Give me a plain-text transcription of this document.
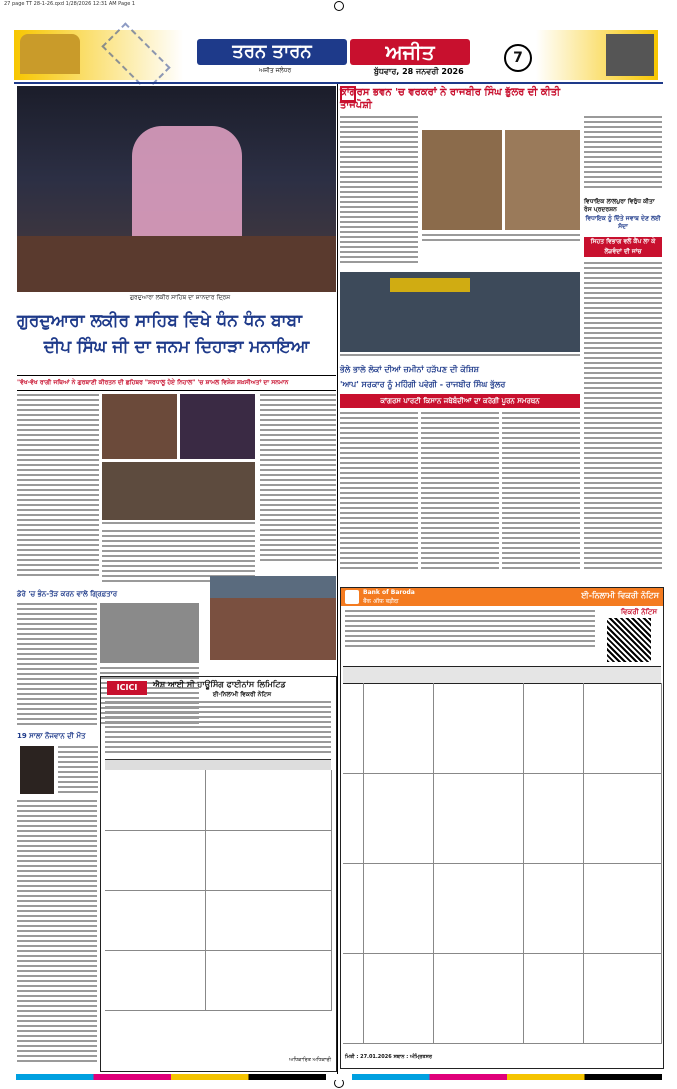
27 page TT 28-1-26.qxd 1/28/2026 12:31 AM Page 1
ਤਰਨ ਤਾਰਨ	ਅਜੀਤ
ਅਜੀਤ ਜਲੰਧਰ	ਬੁੱਧਵਾਰ, 28 ਜਨਵਰੀ 2026
7
ਗੁਰਦੁਆਰਾ ਲਕੀਰ ਸਾਹਿਬ ਦਾ ਸ਼ਾਨਦਾਰ ਦ੍ਰਿਸ਼
ਗੁਰਦੁਆਰਾ ਲਕੀਰ ਸਾਹਿਬ ਵਿਖੇ ਧੰਨ ਧੰਨ ਬਾਬਾ
ਦੀਪ ਸਿੰਘ ਜੀ ਦਾ ਜਨਮ ਦਿਹਾੜਾ ਮਨਾਇਆ
"ਵੱਖ-ਵੱਖ ਰਾਗੀ ਜਥਿਆਂ ਨੇ ਗੁਰਬਾਣੀ ਕੀਰਤਨ ਦੀ ਛਹਿਬਰ "ਸ਼ਰਧਾਲੂ ਹੋਏ ਨਿਹਾਲ" 'ਚ ਸ਼ਾਮਲ ਵਿਸ਼ੇਸ਼ ਸ਼ਖ਼ਸੀਅਤਾਂ ਦਾ ਸਨਮਾਨ
ਡੇਰੇ 'ਚ ਭੰਨ-ਤੋੜ ਕਰਨ ਵਾਲੇ ਗ੍ਰਿਫ਼ਤਾਰ
19 ਸਾਲਾ ਨੌਜਵਾਨ ਦੀ ਮੌਤ
ICICI	ਐਸ਼ ਆਈ ਸੀ ਹਾਊਸਿੰਗ ਫਾਈਨਾਂਸ ਲਿਮਿਟਿਡ
ਈ-ਨਿਲਾਮੀ ਵਿਕਰੀ ਨੋਟਿਸ
ਅਧਿਕਾਰਿਤ ਅਧਿਕਾਰੀ
ਕਾਂਗਰਸ ਭਵਨ 'ਚ ਵਰਕਰਾਂ ਨੇ ਰਾਜਬੀਰ ਸਿੰਘ ਭੁੱਲਰ ਦੀ ਕੀਤੀ ਤਾਜਪੋਸ਼ੀ
ਭੋਲੇ ਭਾਲੇ ਲੋਕਾਂ ਦੀਆਂ ਜ਼ਮੀਨਾਂ ਹੜੱਪਣ ਦੀ ਕੋਸ਼ਿਸ਼
'ਆਪ' ਸਰਕਾਰ ਨੂੰ ਮਹਿੰਗੀ ਪਵੇਗੀ - ਰਾਜਬੀਰ ਸਿੰਘ ਭੁੱਲਰ
ਕਾਂਗਰਸ ਪਾਰਟੀ ਕਿਸਾਨ ਜਥੇਬੰਦੀਆਂ ਦਾ ਕਰੇਗੀ ਪੂਰਨ ਸਮਰਥਨ
ਵਿਧਾਇਕ ਲਾਲਪੁਰਾ ਵਿਰੁੱਧ ਕੀਤਾ ਰੋਸ ਪ੍ਰਦਰਸ਼ਨ
ਵਿਧਾਇਕ ਨੂੰ ਦਿੱਤੇ ਜਵਾਬ ਦੇਣ ਲਈ ਸੱਦਾ
ਸਿਹਤ ਵਿਭਾਗ ਵਲੋਂ ਕੈਂਪ ਲਾ ਕੇ ਲੋੜਵੰਦਾਂ ਦੀ ਜਾਂਚ
Bank of Baroda
बैंक ऑफ़ बड़ौदा
ਈ-ਨਿਲਾਮੀ ਵਿਕਰੀ ਨੋਟਿਸ
ਵਿਕਰੀ ਨੋਟਿਸ
ਮਿਤੀ : 27.01.2026 ਸਥਾਨ : ਅੰਮ੍ਰਿਤਸਰ
